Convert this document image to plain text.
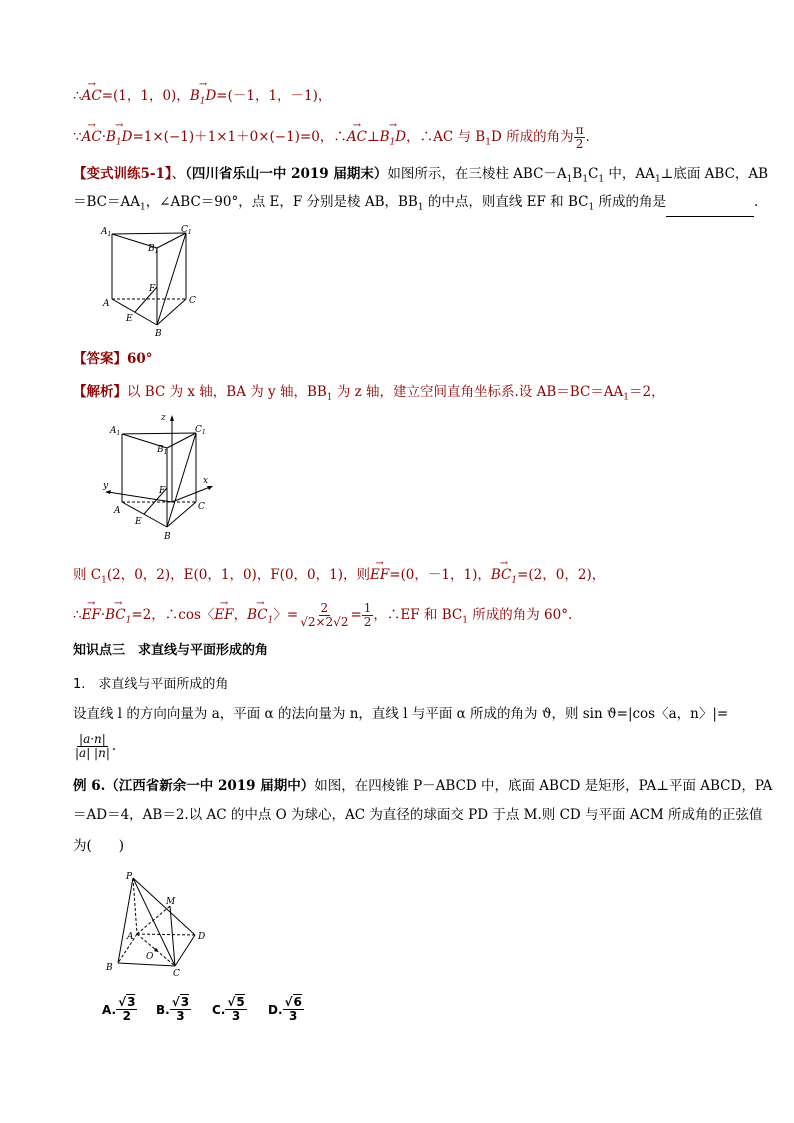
∴→ AC=(1，1，0)，→ $B_1D=(-1$，1，－1)，
∵→ $AC\cdot\to B_1D=1\times(-1)+1\times 1+0\times(-1)=0$，∴→ AC⊥→ $B_1D$，∴AC 与 $B_1D$ 所成的角为 $\frac{\pi}{2}$ .
【变式训练5-1】、（四川省乐山一中 2019 届期末）如图所示，在三棱柱 $ABC-A_1B_1C_1$ 中，$AA_1\perp$底面 ABC，AB
$=BC=AA_1$，∠ABC＝90°，点 E，F 分别是棱 AB，$BB_1$ 的中点，则直线 EF 和 $BC_1$ 所成的角是	.
$A_1$
$B_1$
$C_1$
A	C
B
E
F
【答案】60°
【解析】以 BC 为 x 轴，BA 为 y 轴，$BB_1$ 为 z 轴，建立空间直角坐标系.设 $AB=BC=AA_1=2$，
$A_1$
$B_1$
$C_1$
z
x
y
A	C
B
E
F
则 $C_1(2$，0，2)，E(0，1，0)，F(0，0，1)，则→ EF=(0，－1，1)，→ $BC_1=(2$，0，2)，
∴→ $EF\cdot\to BC_1=2$，∴cos〈→ EF，→ $BC_1$〉= $\frac{2}{√2\times 2√2} = \frac{1}{2}$ ，∴EF 和 $BC_1$ 所成的角为 60°.
知识点三　求直线与平面形成的角
1.　求直线与平面所成的角
设直线 l 的方向向量为 a，平面 α 的法向量为 n，直线 l 与平面 α 所成的角为 ϑ，则 sin ϑ=|cos〈a，n〉|=
$\frac{|a\cdot n|}{|a| |n|}$ .
例 6.（江西省新余一中 2019 届期中）如图，在四棱锥 P－ABCD 中，底面 ABCD 是矩形，PA⊥平面 ABCD，PA
＝AD＝4，AB＝2.以 AC 的中点 O 为球心，AC 为直径的球面交 PD 于点 M.则 CD 与平面 ACM 所成角的正弦值
为(　　)
P
M
A
B
C
D
O
A. $\frac{√3}{2} B$. $\frac{√3}{3} C$. $\frac{√5}{3} D$. $\frac{√6}{3}$
